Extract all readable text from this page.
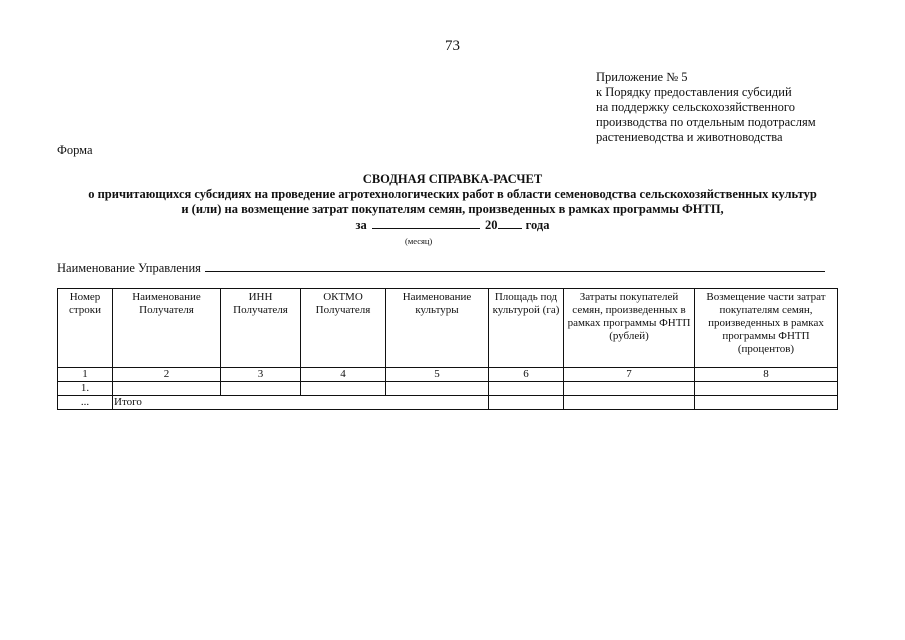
73
Приложение № 5
к Порядку предоставления субсидий
на поддержку сельскохозяйственного
производства по отдельным подотраслям
растениеводства и животноводства
Форма
СВОДНАЯ СПРАВКА-РАСЧЕТ
о причитающихся субсидиях на проведение агротехнологических работ в области семеноводства сельскохозяйственных культур
и (или) на возмещение затрат покупателям семян, произведенных в рамках программы ФНТП,
за	20 года
(месяц)
Наименование Управления
Номер строки	Наименование Получателя	ИНН Получателя	ОКТМО Получателя	Наименование культуры	Площадь под культурой (га)	Затраты покупателей семян, произведенных в рамках программы ФНТП (рублей)	Возмещение части затрат покупателям семян, произведенных в рамках программы ФНТП (процентов)
1	2	3	4	5	6	7	8
1.							
...	Итого						
